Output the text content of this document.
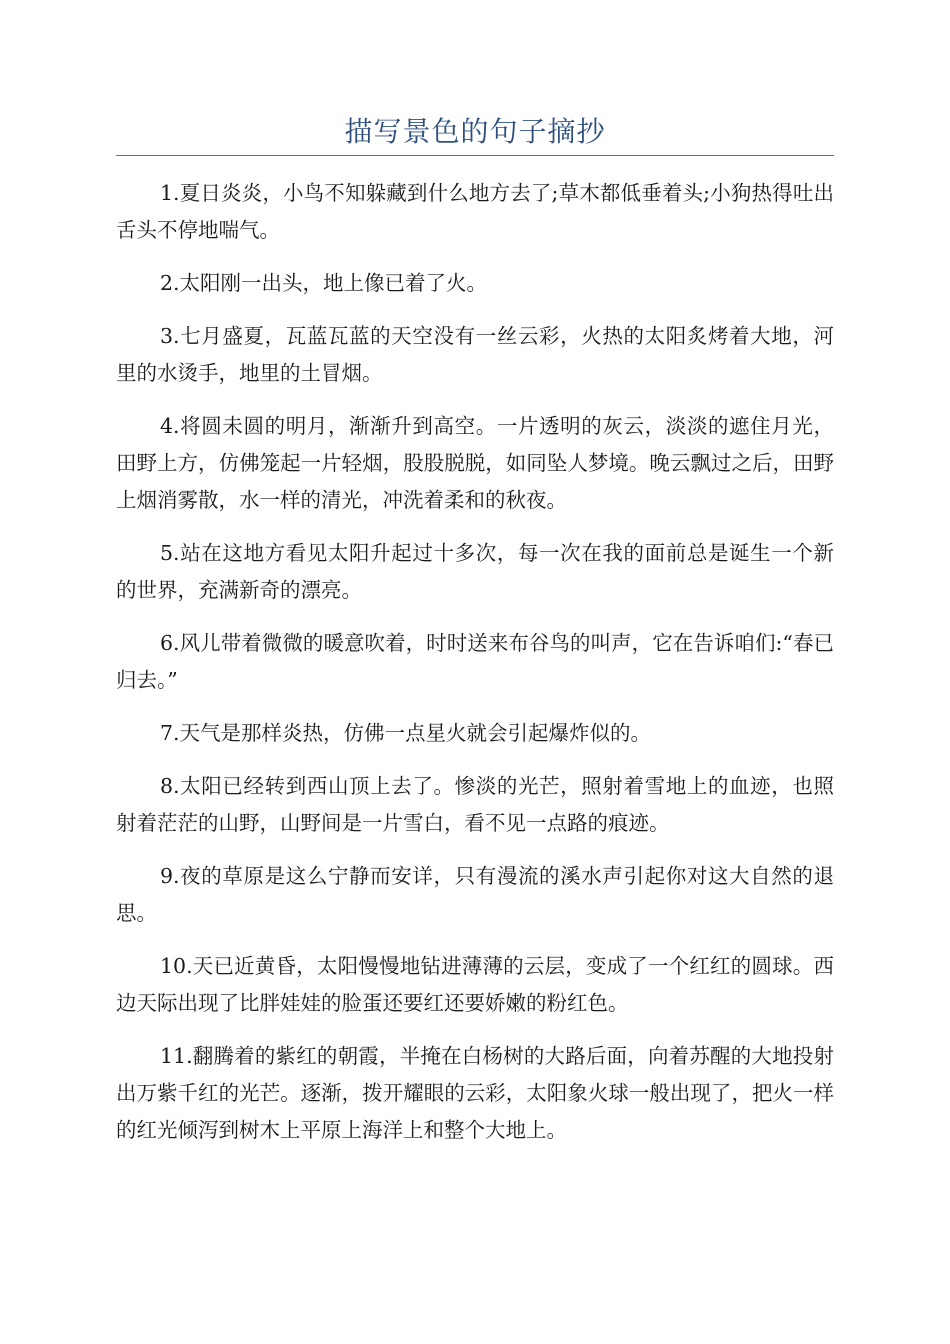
描写景色的句子摘抄

1.夏日炎炎，小鸟不知躲藏到什么地方去了;草木都低垂着头;小狗热得吐出舌头不停地喘气。

2.太阳刚一出头，地上像已着了火。

3.七月盛夏，瓦蓝瓦蓝的天空没有一丝云彩，火热的太阳炙烤着大地，河里的水烫手，地里的土冒烟。

4.将圆未圆的明月，渐渐升到高空。一片透明的灰云，淡淡的遮住月光，田野上方，仿佛笼起一片轻烟，股股脱脱，如同坠人梦境。晚云飘过之后，田野上烟消雾散，水一样的清光，冲洗着柔和的秋夜。

5.站在这地方看见太阳升起过十多次，每一次在我的面前总是诞生一个新的世界，充满新奇的漂亮。

6.风儿带着微微的暖意吹着，时时送来布谷鸟的叫声，它在告诉咱们:“春已归去。”

7.天气是那样炎热，仿佛一点星火就会引起爆炸似的。

8.太阳已经转到西山顶上去了。惨淡的光芒，照射着雪地上的血迹，也照射着茫茫的山野，山野间是一片雪白，看不见一点路的痕迹。

9.夜的草原是这么宁静而安详，只有漫流的溪水声引起你对这大自然的退思。

10.天已近黄昏，太阳慢慢地钻进薄薄的云层，变成了一个红红的圆球。西边天际出现了比胖娃娃的脸蛋还要红还要娇嫩的粉红色。

11.翻腾着的紫红的朝霞，半掩在白杨树的大路后面，向着苏醒的大地投射出万紫千红的光芒。逐渐，拨开耀眼的云彩，太阳象火球一般出现了，把火一样的红光倾泻到树木上平原上海洋上和整个大地上。
